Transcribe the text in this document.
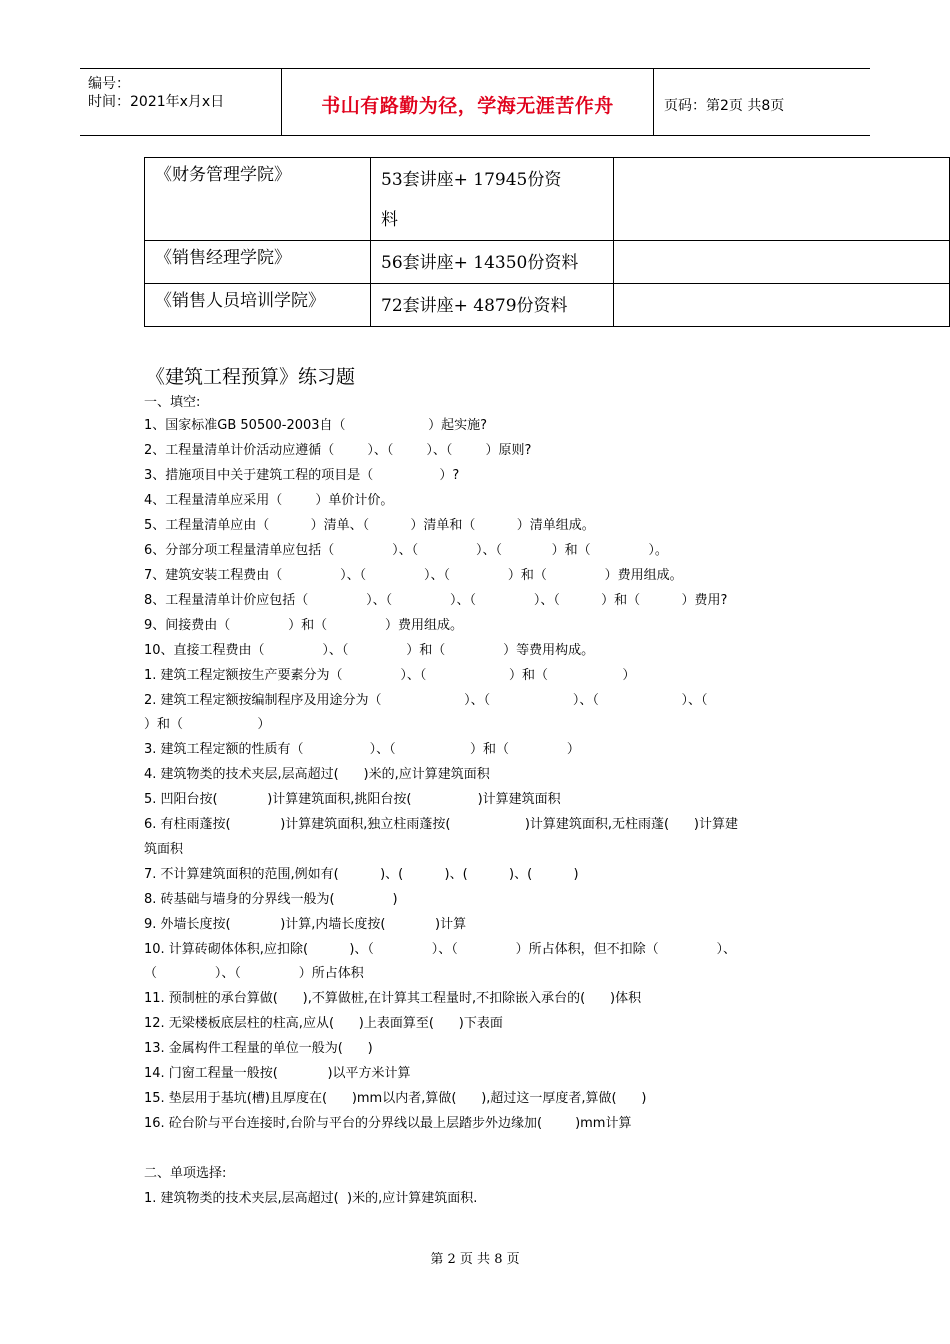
编号：
时间：2021年x月x日	书山有路勤为径，学海无涯苦作舟	页码：第2页 共8页
《财务管理学院》	53套讲座+ 17945份资
料	

《销售经理学院》	56套讲座+ 14350份资料	

《销售人员培训学院》	72套讲座+ 4879份资料	

《建筑工程预算》练习题
一、填空:
1、国家标准GB 50500-2003自（                    ）起实施?
2、工程量清单计价活动应遵循（        ）、（        ）、（        ）原则?
3、措施项目中关于建筑工程的项目是（                ）?
4、工程量清单应采用（        ）单价计价。
5、工程量清单应由（          ）清单、（          ）清单和（          ）清单组成。
6、分部分项工程量清单应包括（              ）、（              ）、（            ）和（              ）。
7、建筑安装工程费由（              ）、（              ）、（              ）和（              ）费用组成。
8、工程量清单计价应包括（              ）、（              ）、（              ）、（          ）和（          ）费用?
9、间接费由（              ）和（              ）费用组成。
10、直接工程费由（              ）、（              ）和（              ）等费用构成。
1. 建筑工程定额按生产要素分为（              ）、（                    ）和（                  ）
2. 建筑工程定额按编制程序及用途分为（                    ）、（                    ）、（                    ）、（
）和（                  ）
3. 建筑工程定额的性质有（                ）、（                  ）和（              ）
4. 建筑物类的技术夹层,层高超过(      )米的,应计算建筑面积
5. 凹阳台按(            )计算建筑面积,挑阳台按(                )计算建筑面积
6. 有柱雨蓬按(            )计算建筑面积,独立柱雨蓬按(                  )计算建筑面积,无柱雨蓬(      )计算建
筑面积
7. 不计算建筑面积的范围,例如有(          )、(          )、(          )、(          )
8. 砖基础与墙身的分界线一般为(              )
9. 外墙长度按(            )计算,内墙长度按(            )计算
10. 计算砖砌体体积,应扣除(          )、（              ）、（              ）所占体积，但不扣除（              ）、
（              ）、（              ）所占体积
11. 预制桩的承台算做(      ),不算做桩,在计算其工程量时,不扣除嵌入承台的(      )体积
12. 无梁楼板底层柱的柱高,应从(      )上表面算至(      )下表面
13. 金属构件工程量的单位一般为(      )
14. 门窗工程量一般按(            )以平方米计算
15. 垫层用于基坑(槽)且厚度在(      )mm以内者,算做(      ),超过这一厚度者,算做(      )
16. 砼台阶与平台连接时,台阶与平台的分界线以最上层踏步外边缘加(        )mm计算
二、单项选择:
1. 建筑物类的技术夹层,层高超过(  )米的,应计算建筑面积.
第 2 页 共 8 页
